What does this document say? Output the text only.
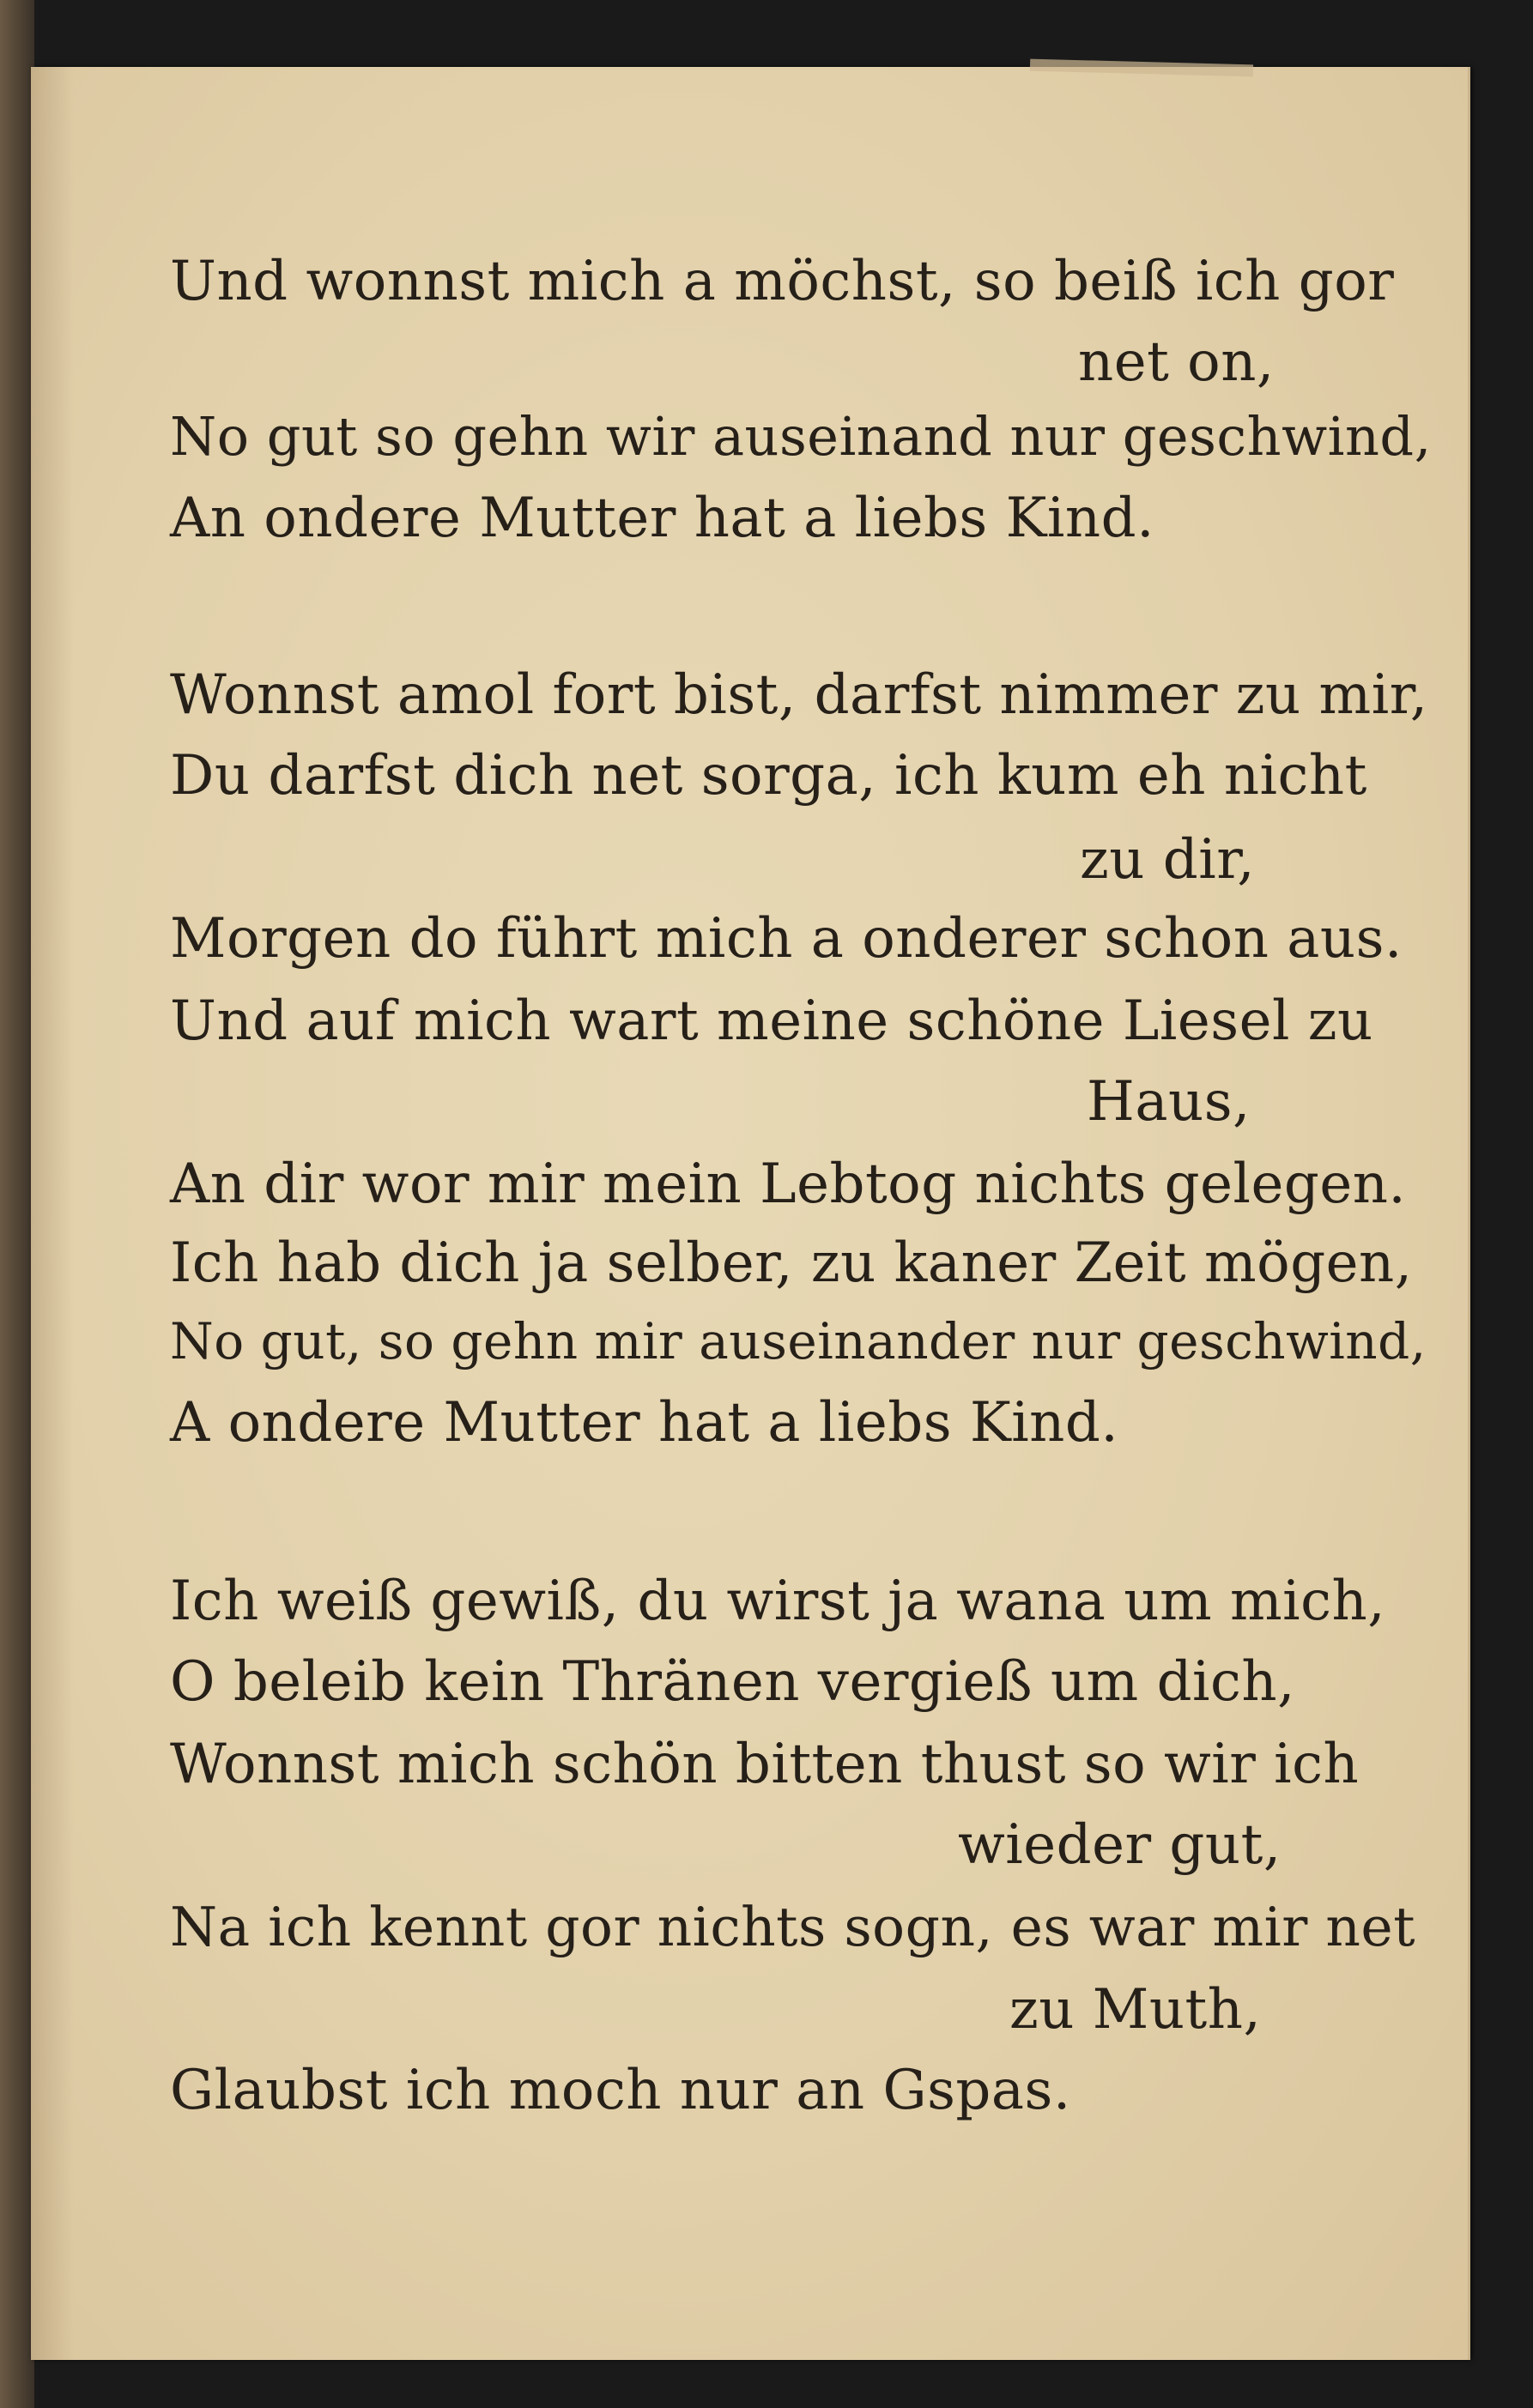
Und wonnst mich a möchst, so beiß ich gor

net on,

No gut so gehn wir auseinand nur geschwind,

An ondere Mutter hat a liebs Kind.

Wonnst amol fort bist, darfst nimmer zu mir,

Du darfst dich net sorga, ich kum eh nicht

zu dir,

Morgen do führt mich a onderer schon aus.

Und auf mich wart meine schöne Liesel zu

Haus,

An dir wor mir mein Lebtog nichts gelegen.

Ich hab dich ja selber, zu kaner Zeit mögen,

No gut, so gehn mir auseinander nur geschwind,

A ondere Mutter hat a liebs Kind.

Ich weiß gewiß, du wirst ja wana um mich,

O beleib kein Thränen vergieß um dich,

Wonnst mich schön bitten thust so wir ich

wieder gut,

Na ich kennt gor nichts sogn, es war mir net

zu Muth,

Glaubst ich moch nur an Gspas.
